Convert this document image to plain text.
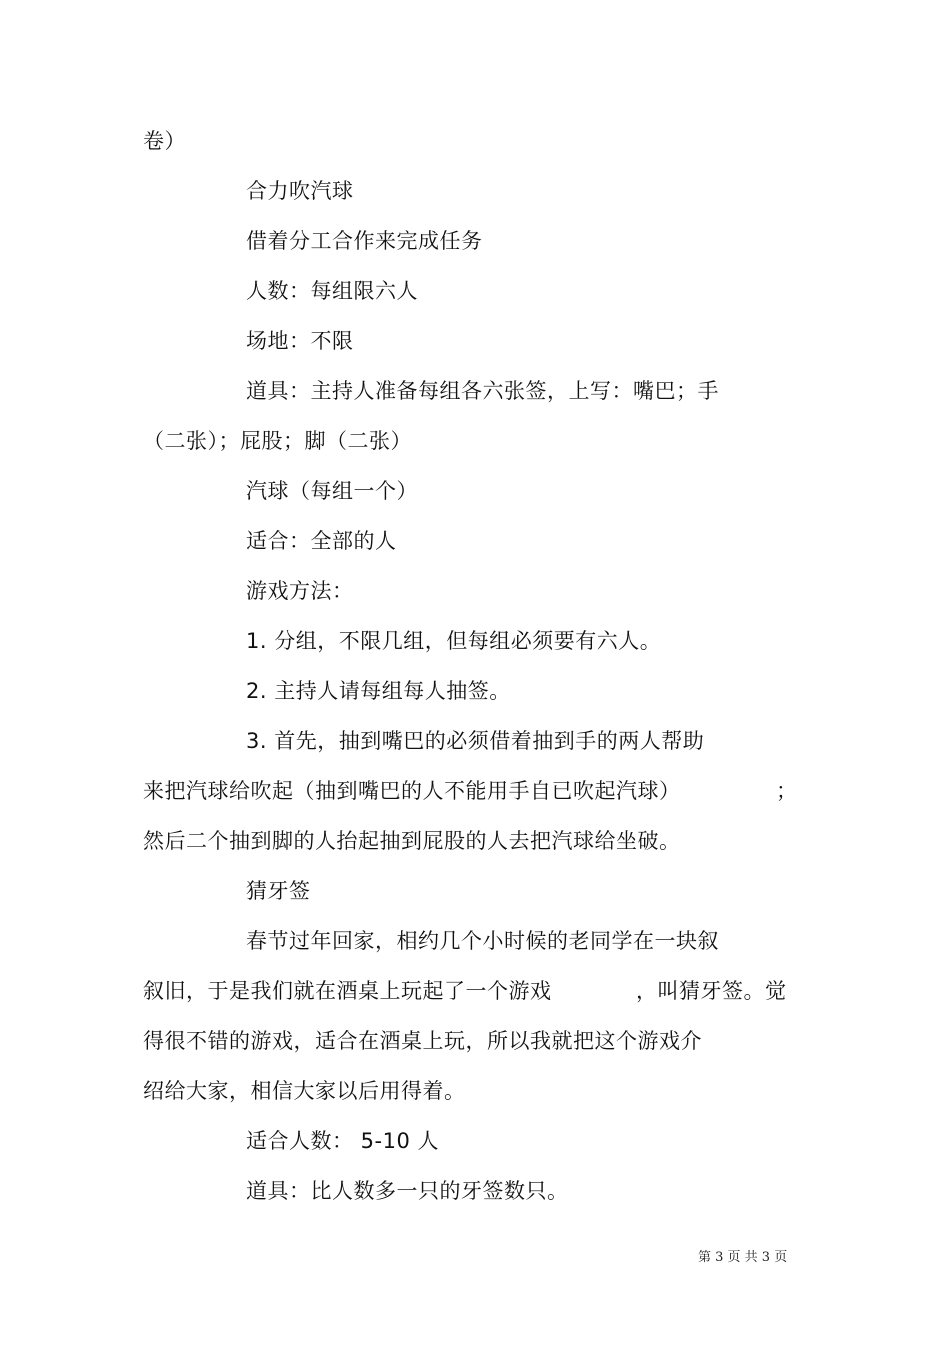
卷）
合力吹汽球
借着分工合作来完成任务
人数：每组限六人
场地：不限
道具：主持人准备每组各六张签，上写：嘴巴；手
（二张）；屁股；脚（二张）
汽球（每组一个）
适合：全部的人
游戏方法：
1. 分组，不限几组，但每组必须要有六人。
2. 主持人请每组每人抽签。
3. 首先，抽到嘴巴的必须借着抽到手的两人帮助
来把汽球给吹起（抽到嘴巴的人不能用手自已吹起汽球）	；
然后二个抽到脚的人抬起抽到屁股的人去把汽球给坐破。
猜牙签
春节过年回家，相约几个小时候的老同学在一块叙
叙旧，于是我们就在酒桌上玩起了一个游戏	，叫猜牙签。觉
得很不错的游戏，适合在酒桌上玩，所以我就把这个游戏介
绍给大家，相信大家以后用得着。
适合人数： 5-10 人
道具：比人数多一只的牙签数只。
第 3 页 共 3 页
